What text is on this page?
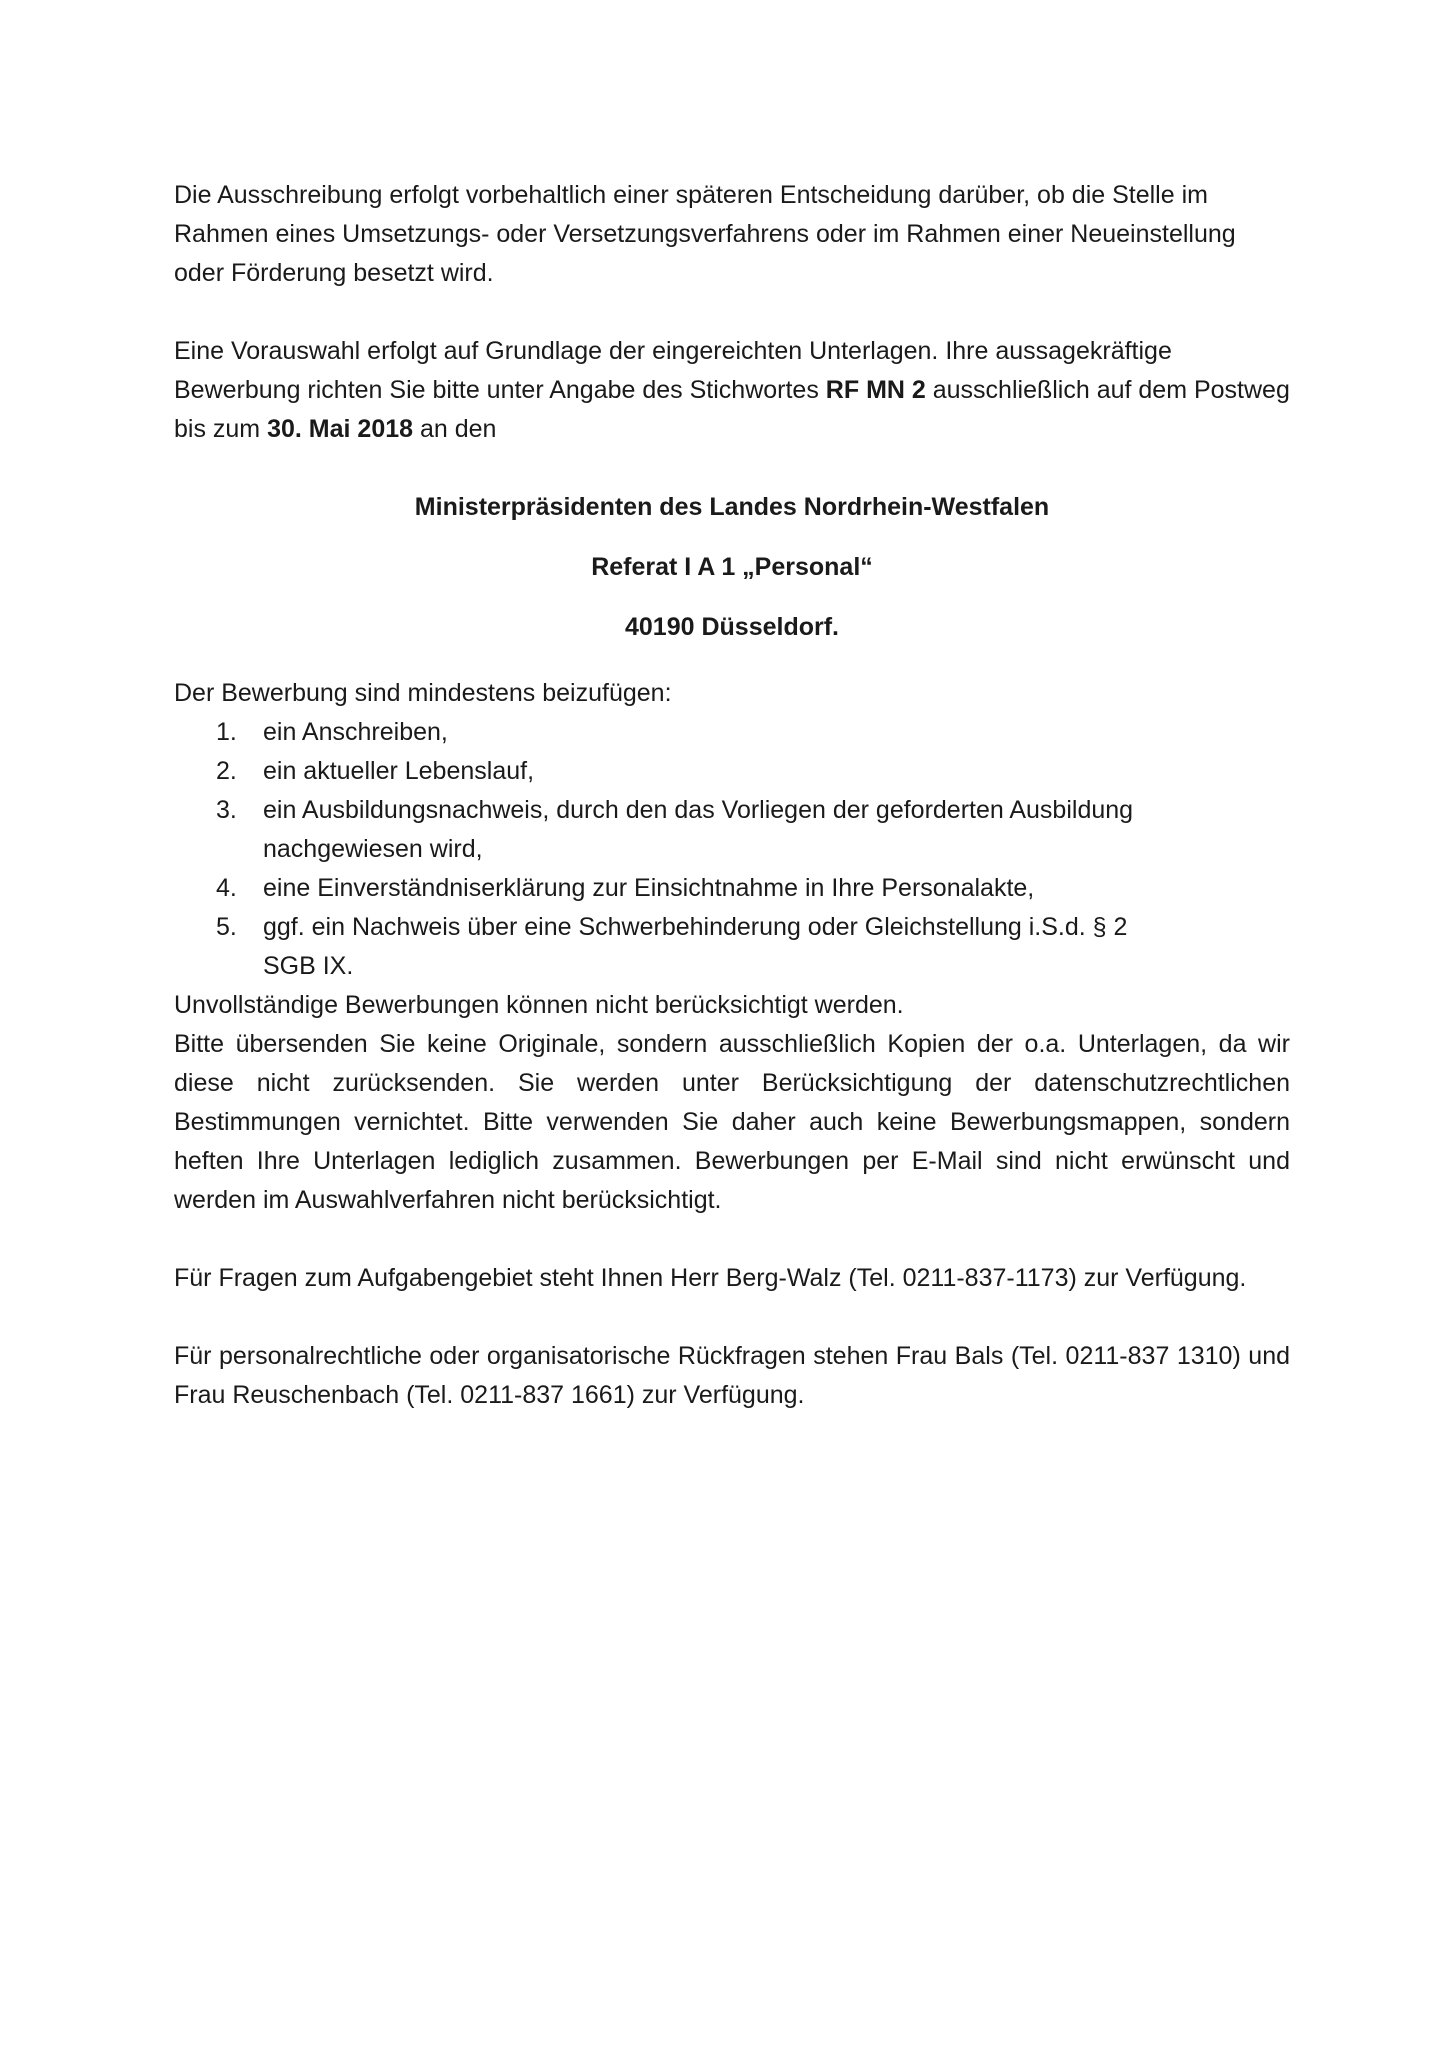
Die Ausschreibung erfolgt vorbehaltlich einer späteren Entscheidung darüber, ob die Stelle im Rahmen eines Umsetzungs- oder Versetzungsverfahrens oder im Rahmen einer Neueinstellung oder Förderung besetzt wird.

Eine Vorauswahl erfolgt auf Grundlage der eingereichten Unterlagen. Ihre aussagekräftige Bewerbung richten Sie bitte unter Angabe des Stichwortes RF MN 2 ausschließlich auf dem Postweg bis zum 30. Mai 2018 an den

Ministerpräsidenten des Landes Nordrhein-Westfalen
Referat I A 1 „Personal“
40190 Düsseldorf.

Der Bewerbung sind mindestens beizufügen:

1. ein Anschreiben,
2. ein aktueller Lebenslauf,
3. ein Ausbildungsnachweis, durch den das Vorliegen der geforderten Ausbildung nachgewiesen wird,
4. eine Einverständniserklärung zur Einsichtnahme in Ihre Personalakte,
5. ggf. ein Nachweis über eine Schwerbehinderung oder Gleichstellung i.S.d. § 2 SGB IX.

Unvollständige Bewerbungen können nicht berücksichtigt werden.

Bitte übersenden Sie keine Originale, sondern ausschließlich Kopien der o.a. Unterlagen, da wir diese nicht zurücksenden. Sie werden unter Berücksichtigung der datenschutzrechtlichen Bestimmungen vernichtet. Bitte verwenden Sie daher auch keine Bewerbungsmappen, sondern heften Ihre Unterlagen lediglich zusammen. Bewerbungen per E-Mail sind nicht erwünscht und werden im Auswahlverfahren nicht berücksichtigt.

Für Fragen zum Aufgabengebiet steht Ihnen Herr Berg-Walz (Tel. 0211-837-1173) zur Verfügung.

Für personalrechtliche oder organisatorische Rückfragen stehen Frau Bals (Tel. 0211-837 1310) und Frau Reuschenbach (Tel. 0211-837 1661) zur Verfügung.
